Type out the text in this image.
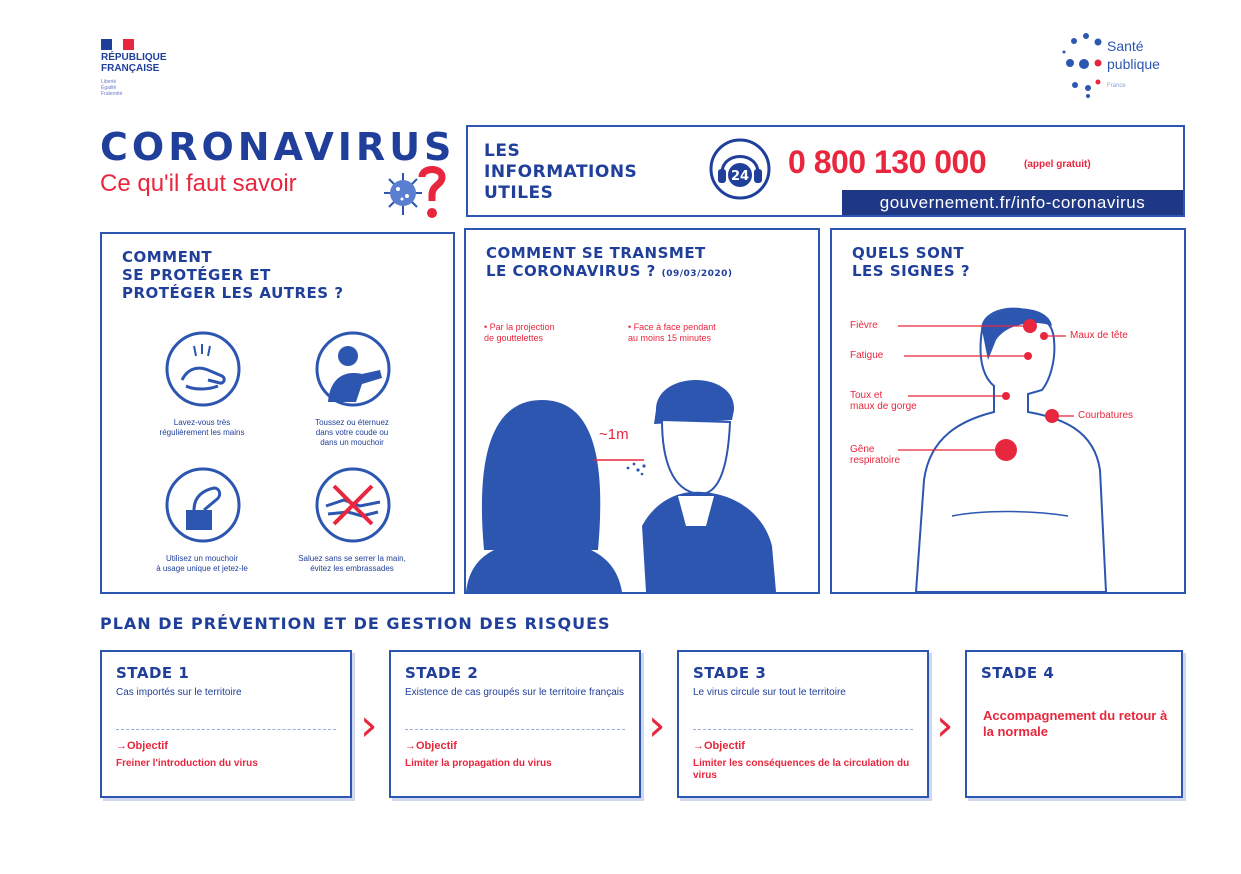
RÉPUBLIQUE
FRANÇAISE
Liberté
Égalité
Fraternité
Santé
publique
France
CORONAVIRUS
Ce qu'il faut savoir
LES
INFORMATIONS
UTILES
24 0 800 130 000	(appel gratuit)
gouvernement.fr/info-coronavirus
COMMENT
SE PROTÉGER ET
PROTÉGER LES AUTRES ?
Lavez-vous très
régulièrement les mains
Toussez ou éternuez
dans votre coude ou
dans un mouchoir
Utilisez un mouchoir
à usage unique et jetez-le
Saluez sans se serrer la main,
évitez les embrassades
COMMENT SE TRANSMET
LE CORONAVIRUS ? (09/03/2020)
• Par la projection
de gouttelettes
• Face à face pendant
au moins 15 minutes
~1m
QUELS SONT
LES SIGNES ?
Fièvre
Fatigue
Toux et
maux de gorge
Gêne
respiratoire
Maux de tête
Courbatures
PLAN DE PRÉVENTION ET DE GESTION DES RISQUES
STADE 1
Cas importés sur le territoire
→Objectif
Freiner l'introduction du virus
›
STADE 2
Existence de cas groupés sur le territoire français
→Objectif
Limiter la propagation du virus
›
STADE 3
Le virus circule sur tout le territoire
→Objectif
Limiter les conséquences de la circulation du virus
›
STADE 4
Accompagnement du retour à la normale
